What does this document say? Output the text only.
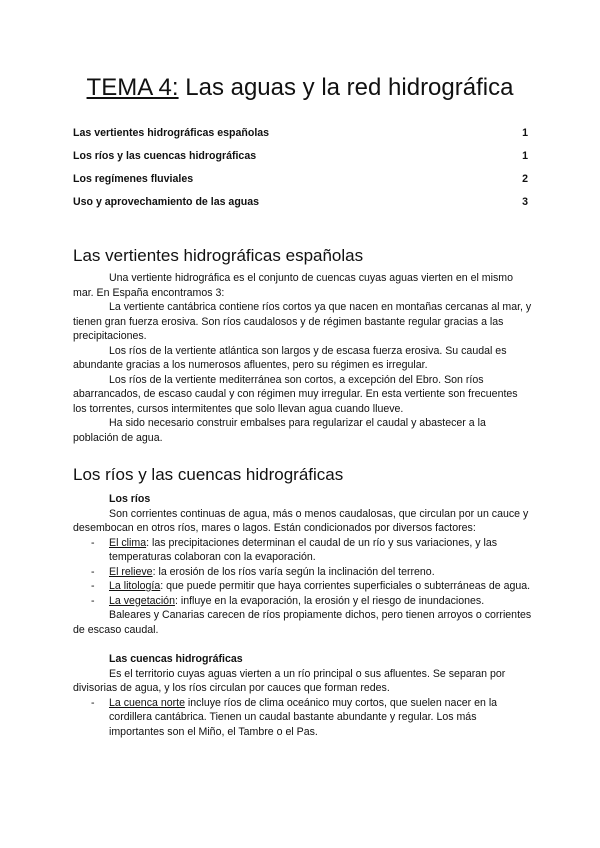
TEMA 4: Las aguas y la red hidrográfica
Las vertientes hidrográficas españolas	1
Los ríos y las cuencas hidrográficas	1
Los regímenes fluviales	2
Uso y aprovechamiento de las aguas	3
Las vertientes hidrográficas españolas

Una vertiente hidrográfica es el conjunto de cuencas cuyas aguas vierten en el mismo mar. En España encontramos 3:

La vertiente cantábrica contiene ríos cortos ya que nacen en montañas cercanas al mar, y tienen gran fuerza erosiva. Son ríos caudalosos y de régimen bastante regular gracias a las precipitaciones.

Los ríos de la vertiente atlántica son largos y de escasa fuerza erosiva. Su caudal es abundante gracias a los numerosos afluentes, pero su régimen es irregular.

Los ríos de la vertiente mediterránea son cortos, a excepción del Ebro. Son ríos abarrancados, de escaso caudal y con régimen muy irregular. En esta vertiente son frecuentes los torrentes, cursos intermitentes que solo llevan agua cuando llueve.

Ha sido necesario construir embalses para regularizar el caudal y abastecer a la población de agua.

Los ríos y las cuencas hidrográficas

Los ríos

Son corrientes continuas de agua, más o menos caudalosas, que circulan por un cauce y desembocan en otros ríos, mares o lagos. Están condicionados por diversos factores:

- El clima: las precipitaciones determinan el caudal de un río y sus variaciones, y las temperaturas colaboran con la evaporación.
- El relieve: la erosión de los ríos varía según la inclinación del terreno.
- La litología: que puede permitir que haya corrientes superficiales o subterráneas de agua.
- La vegetación: influye en la evaporación, la erosión y el riesgo de inundaciones.

Baleares y Canarias carecen de ríos propiamente dichos, pero tienen arroyos o corrientes de escaso caudal.

Las cuencas hidrográficas

Es el territorio cuyas aguas vierten a un río principal o sus afluentes. Se separan por divisorias de agua, y los ríos circulan por cauces que forman redes.

- La cuenca norte incluye ríos de clima oceánico muy cortos, que suelen nacer en la cordillera cantábrica. Tienen un caudal bastante abundante y regular. Los más importantes son el Miño, el Tambre o el Pas.
